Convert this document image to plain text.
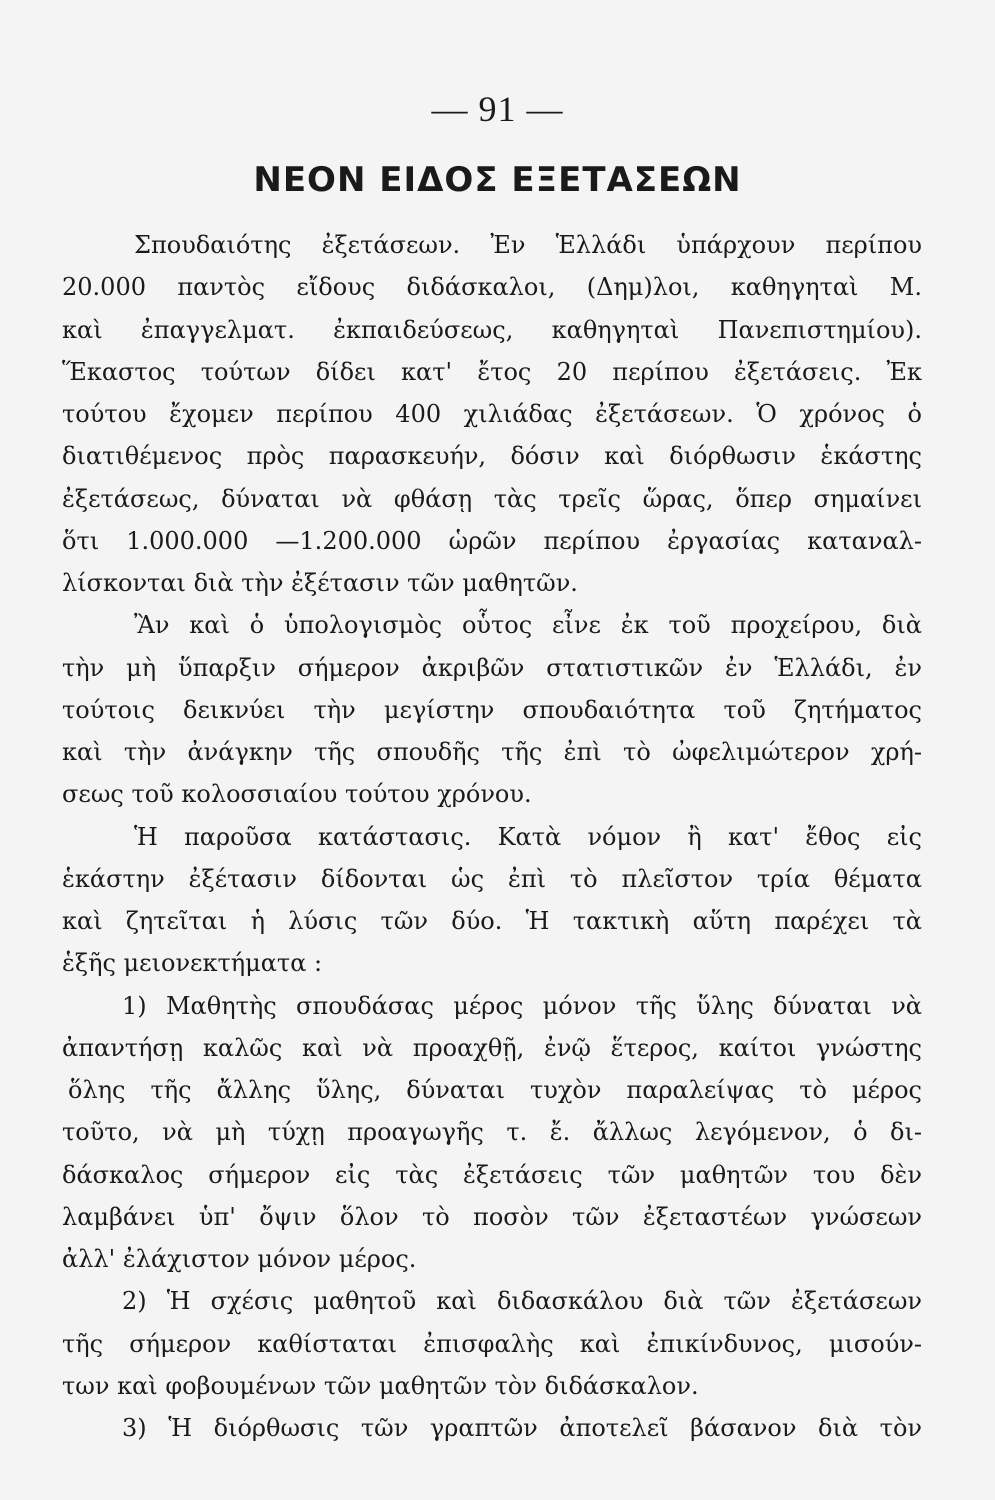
— 91 —
ΝΕΟΝ ΕΙΔΟΣ ΕΞΕΤΑΣΕΩΝ
Σπουδαιότης ἐξετάσεων. Ἐν Ἑλλάδι ὑπάρχουν περίπου
20.000 παντὸς εἴδους διδάσκαλοι, (Δημ)λοι, καθηγηταὶ Μ.
καὶ ἐπαγγελματ. ἐκπαιδεύσεως, καθηγηταὶ Πανεπιστημίου).
Ἕκαστος τούτων δίδει κατ' ἔτος 20 περίπου ἐξετάσεις. Ἐκ
τούτου ἔχομεν περίπου 400 χιλιάδας ἐξετάσεων. Ὁ χρόνος ὁ
διατιθέμενος πρὸς παρασκευήν, δόσιν καὶ διόρθωσιν ἑκάστης
ἐξετάσεως, δύναται νὰ φθάσῃ τὰς τρεῖς ὥρας, ὅπερ σημαίνει
ὅτι 1.000.000 —1.200.000 ὡρῶν περίπου ἐργασίας καταναλ-
λίσκονται διὰ τὴν ἐξέτασιν τῶν μαθητῶν.
Ἂν καὶ ὁ ὑπολογισμὸς οὗτος εἶνε ἐκ τοῦ προχείρου, διὰ
τὴν μὴ ὕπαρξιν σήμερον ἀκριβῶν στατιστικῶν ἐν Ἑλλάδι, ἐν
τούτοις δεικνύει τὴν μεγίστην σπουδαιότητα τοῦ ζητήματος
καὶ τὴν ἀνάγκην τῆς σπουδῆς τῆς ἐπὶ τὸ ὠφελιμώτερον χρή-
σεως τοῦ κολοσσιαίου τούτου χρόνου.
Ἡ παροῦσα κατάστασις. Κατὰ νόμον ἢ κατ' ἔθος εἰς
ἑκάστην ἐξέτασιν δίδονται ὡς ἐπὶ τὸ πλεῖστον τρία θέματα
καὶ ζητεῖται ἡ λύσις τῶν δύο. Ἡ τακτικὴ αὕτη παρέχει τὰ
ἑξῆς μειονεκτήματα :
1) Μαθητὴς σπουδάσας μέρος μόνον τῆς ὕλης δύναται νὰ
ἀπαντήσῃ καλῶς καὶ νὰ προαχθῇ, ἐνῷ ἕτερος, καίτοι γνώστης
ὅλης τῆς ἄλλης ὕλης, δύναται τυχὸν παραλείψας τὸ μέρος
τοῦτο, νὰ μὴ τύχῃ προαγωγῆς τ. ἔ. ἄλλως λεγόμενον, ὁ δι-
δάσκαλος σήμερον εἰς τὰς ἐξετάσεις τῶν μαθητῶν του δὲν
λαμβάνει ὑπ' ὄψιν ὅλον τὸ ποσὸν τῶν ἐξεταστέων γνώσεων
ἀλλ' ἐλάχιστον μόνον μέρος.
2) Ἡ σχέσις μαθητοῦ καὶ διδασκάλου διὰ τῶν ἐξετάσεων
τῆς σήμερον καθίσταται ἐπισφαλὴς καὶ ἐπικίνδυνος, μισούν-
των καὶ φοβουμένων τῶν μαθητῶν τὸν διδάσκαλον.
3) Ἡ διόρθωσις τῶν γραπτῶν ἀποτελεῖ βάσανον διὰ τὸν
